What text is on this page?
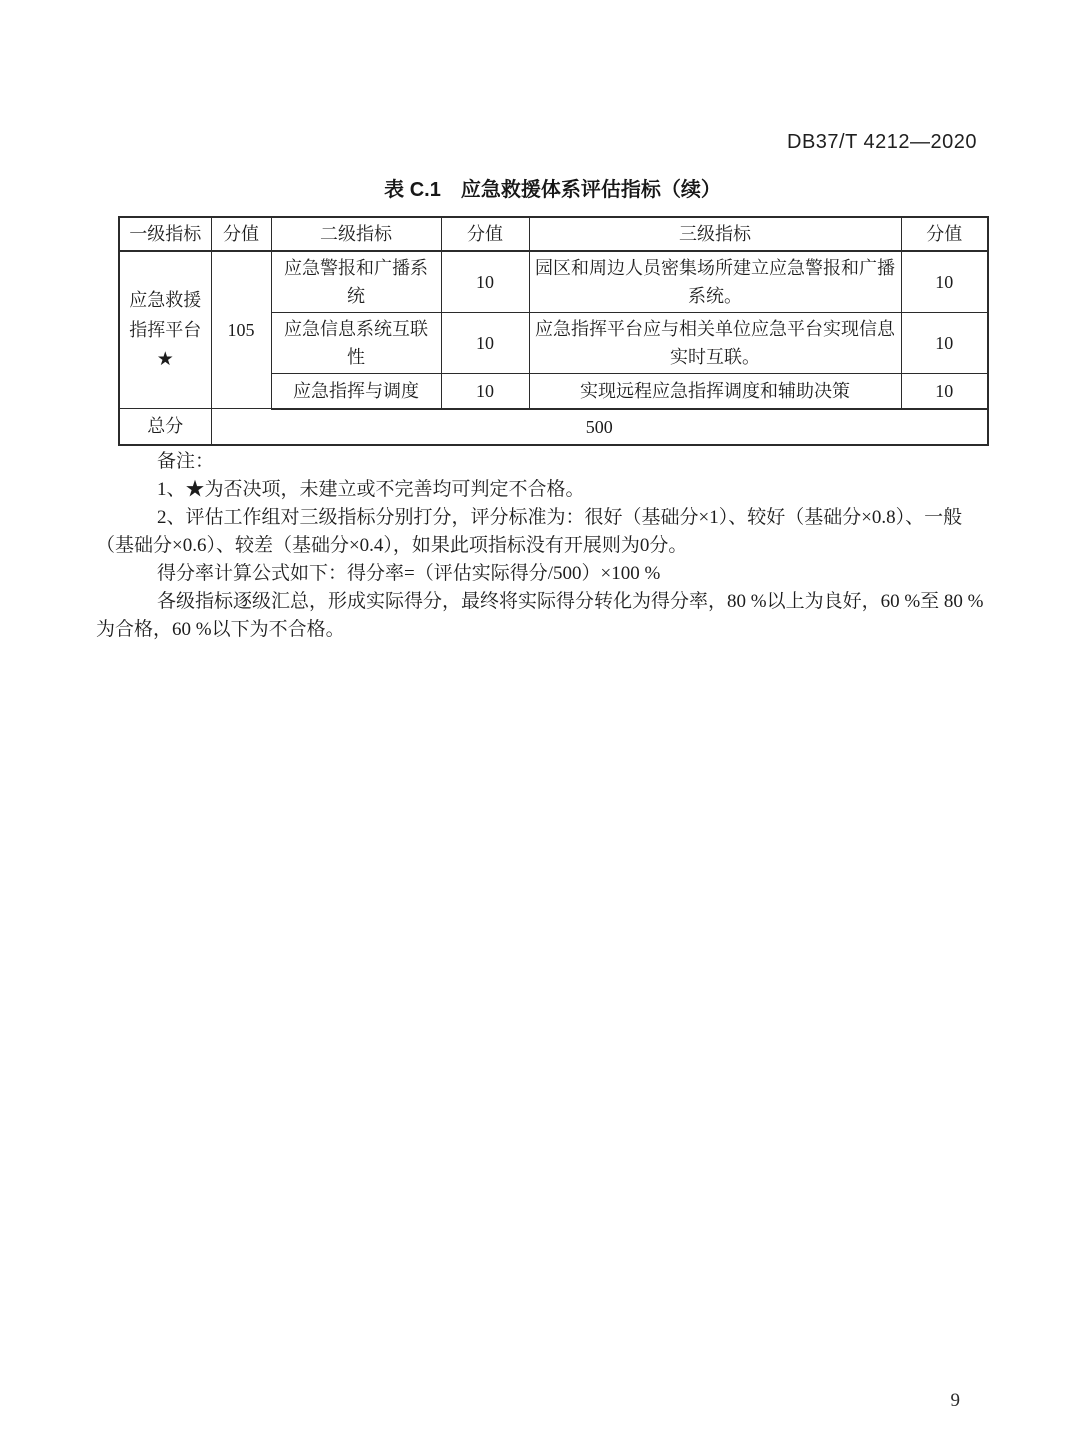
DB37/T 4212—2020
表 C.1　应急救援体系评估指标（续）
一级指标	分值	二级指标	分值	三级指标	分值

应急救援
指挥平台
★	105	应急警报和广播系统	10	园区和周边人员密集场所建立应急警报和广播系统。	10
		应急信息系统互联性	10	应急指挥平台应与相关单位应急平台实现信息实时互联。	10
		应急指挥与调度	10	实现远程应急指挥调度和辅助决策	10
总分	500				

备注：

1、★为否决项，未建立或不完善均可判定不合格。

2、评估工作组对三级指标分别打分，评分标准为：很好（基础分×1）、较好（基础分×0.8）、一般（基础分×0.6）、较差（基础分×0.4），如果此项指标没有开展则为0分。

得分率计算公式如下：得分率=（评估实际得分/500）×100 %

各级指标逐级汇总，形成实际得分，最终将实际得分转化为得分率，80 %以上为良好，60 %至 80 %为合格，60 %以下为不合格。

9
